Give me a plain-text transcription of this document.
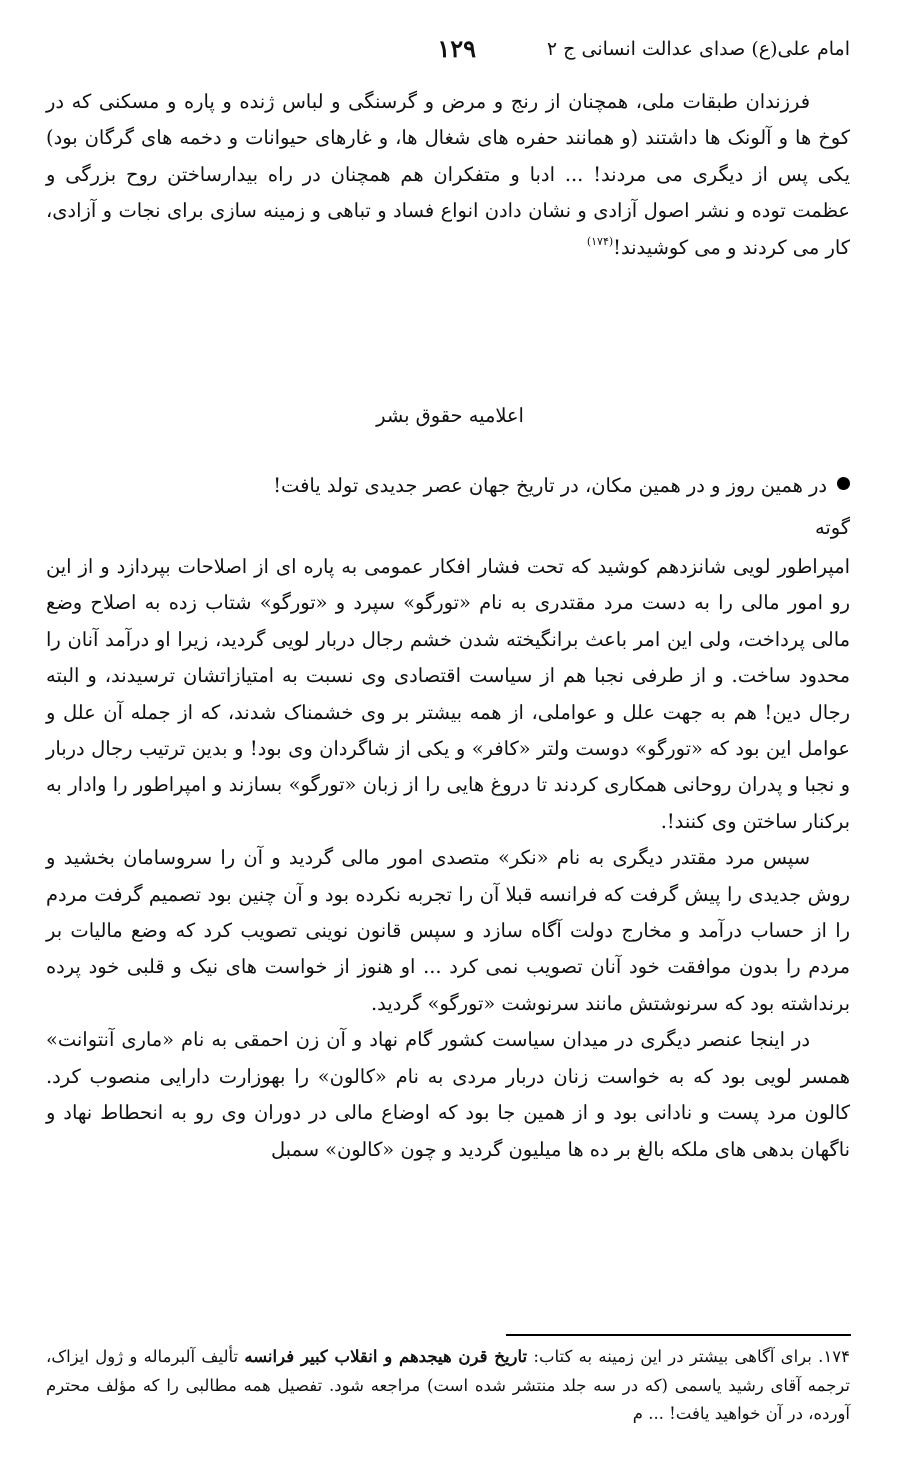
امام علی(ع) صدای عدالت انسانی ج ۲
۱۲۹

فرزندان طبقات ملی، همچنان از رنج و مرض و گرسنگی و لباس ژنده و پاره و مسکنی که در کوخ ها و آلونک ها داشتند (و همانند حفره های شغال ها، و غارهای حیوانات و دخمه های گرگان بود) یکی پس از دیگری می مردند! ... ادبا و متفکران هم همچنان در راه بیدارساختن روح بزرگی و عظمت توده و نشر اصول آزادی و نشان دادن انواع فساد و تباهی و زمینه سازی برای نجات و آزادی، کار می کردند و می کوشیدند!$^{(۱۷۴)}$

اعلامیه حقوق بشر

در همین روز و در همین مکان، در تاریخ جهان عصر جدیدی تولد یافت!

گوته

امپراطور لویی شانزدهم کوشید که تحت فشار افکار عمومی به پاره ای از اصلاحات بپردازد و از این رو امور مالی را به دست مرد مقتدری به نام «تورگو» سپرد و «تورگو» شتاب زده به اصلاح وضع مالی پرداخت، ولی این امر باعث برانگیخته شدن خشم رجال دربار لویی گردید، زیرا او درآمد آنان را محدود ساخت. و از طرفی نجبا هم از سیاست اقتصادی وی نسبت به امتیازاتشان ترسیدند، و البته رجال دین! هم به جهت علل و عواملی، از همه بیشتر بر وی خشمناک شدند، که از جمله آن علل و عوامل این بود که «تورگو» دوست ولتر «کافر» و یکی از شاگردان وی بود! و بدین ترتیب رجال دربار و نجبا و پدران روحانی همکاری کردند تا دروغ هایی را از زبان «تورگو» بسازند و امپراطور را وادار به برکنار ساختن وی کنند!.

سپس مرد مقتدر دیگری به نام «نکر» متصدی امور مالی گردید و آن را سروسامان بخشید و روش جدیدی را پیش گرفت که فرانسه قبلا آن را تجربه نکرده بود و آن چنین بود تصمیم گرفت مردم را از حساب درآمد و مخارج دولت آگاه سازد و سپس قانون نوینی تصویب کرد که وضع مالیات بر مردم را بدون موافقت خود آنان تصویب نمی کرد ... او هنوز از خواست های نیک و قلبی خود پرده برنداشته بود که سرنوشتش مانند سرنوشت «تورگو» گردید.

در اینجا عنصر دیگری در میدان سیاست کشور گام نهاد و آن زن احمقی به نام «ماری آنتوانت» همسر لویی بود که به خواست زنان دربار مردی به نام «کالون» را بهوزارت دارایی منصوب کرد. کالون مرد پست و نادانی بود و از همین جا بود که اوضاع مالی در دوران وی رو به انحطاط نهاد و ناگهان بدهی های ملکه بالغ بر ده ها میلیون گردید و چون «کالون» سمبل

۱۷۴. برای آگاهی بیشتر در این زمینه به کتاب: تاریخ قرن هیجدهم و انقلاب کبیر فرانسه تألیف آلبرماله و ژول ایزاک، ترجمه آقای رشید یاسمی (که در سه جلد منتشر شده است) مراجعه شود. تفصیل همه مطالبی را که مؤلف محترم آورده، در آن خواهید یافت! ... م
